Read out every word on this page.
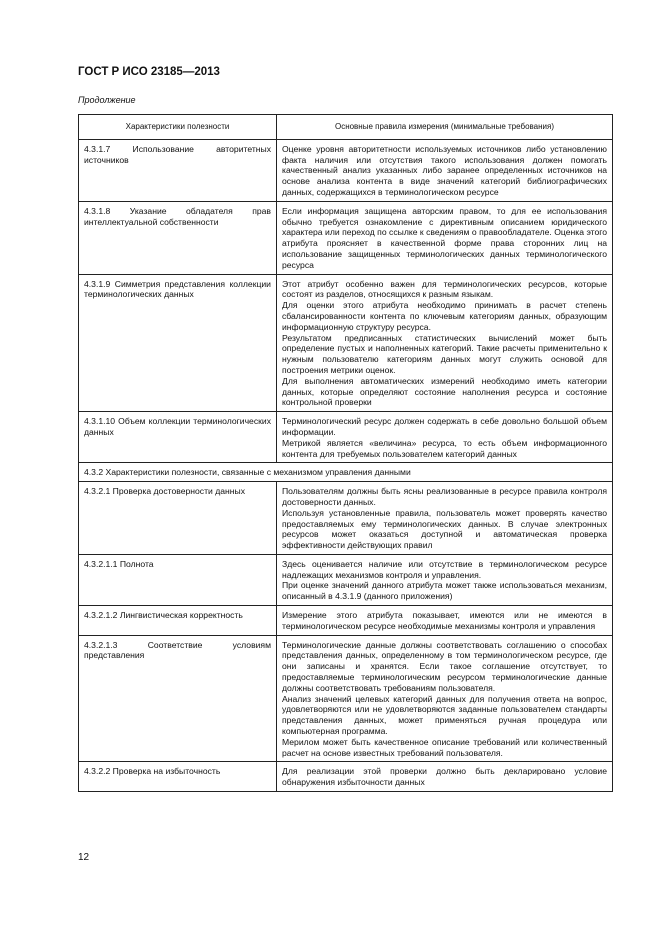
ГОСТ Р ИСО 23185—2013
Продолжение
Характеристики полезности	Основные правила измерения (минимальные требования)
4.3.1.7 Использование авторитетных источников	Оценке уровня авторитетности используемых источников либо установлению факта наличия или отсутствия такого использования должен помогать качественный анализ указанных либо заранее определенных источников на основе анализа контента в виде значений категорий библиографических данных, содержащихся в терминологическом ресурсе

4.3.1.8 Указание обладателя прав интеллектуальной собственности	Если информация защищена авторским правом, то для ее использования обычно требуется ознакомление с директивным описанием юридического характера или переход по ссылке к сведениям о правообладателе. Оценка этого атрибута проясняет в качественной форме права сторонних лиц на использование защищенных терминологических данных терминологического ресурса

4.3.1.9 Симметрия представления коллекции терминологических данных	Этот атрибут особенно важен для терминологических ресурсов, которые состоят из разделов, относящихся к разным языкам.

Для оценки этого атрибута необходимо принимать в расчет степень сбалансированности контента по ключевым категориям данных, образующим информационную структуру ресурса.

Результатом предписанных статистических вычислений может быть определение пустых и наполненных категорий. Такие расчеты применительно к нужным пользователю категориям данных могут служить основой для построения метрики оценок.

Для выполнения автоматических измерений необходимо иметь категории данных, которые определяют состояние наполнения ресурса и состояние контрольной проверки

4.3.1.10 Объем коллекции терминологических данных	Терминологический ресурс должен содержать в себе довольно большой объем информации.

Метрикой является «величина» ресурса, то есть объем информационного контента для требуемых пользователем категорий данных

4.3.2 Характеристики полезности, связанные с механизмом управления данными	
4.3.2.1 Проверка достоверности данных	Пользователям должны быть ясны реализованные в ресурсе правила контроля достоверности данных.

Используя установленные правила, пользователь может проверять качество предоставляемых ему терминологических данных. В случае электронных ресурсов может оказаться доступной и автоматическая проверка эффективности действующих правил

4.3.2.1.1 Полнота	Здесь оценивается наличие или отсутствие в терминологическом ресурсе надлежащих механизмов контроля и управления.

При оценке значений данного атрибута может также использоваться механизм, описанный в 4.3.1.9 (данного приложения)

4.3.2.1.2 Лингвистическая корректность	Измерение этого атрибута показывает, имеются или не имеются в терминологическом ресурсе необходимые механизмы контроля и управления

4.3.2.1.3 Соответствие условиям представления	Терминологические данные должны соответствовать соглашению о способах представления данных, определенному в том терминологическом ресурсе, где они записаны и хранятся. Если такое соглашение отсутствует, то предоставляемые терминологическим ресурсом терминологические данные должны соответствовать требованиям пользователя.

Анализ значений целевых категорий данных для получения ответа на вопрос, удовлетворяются или не удовлетворяются заданные пользователем стандарты представления данных, может применяться ручная процедура или компьютерная программа.

Мерилом может быть качественное описание требований или количественный расчет на основе известных требований пользователя.

4.3.2.2 Проверка на избыточность	Для реализации этой проверки должно быть декларировано условие обнаружения избыточности данных

12
